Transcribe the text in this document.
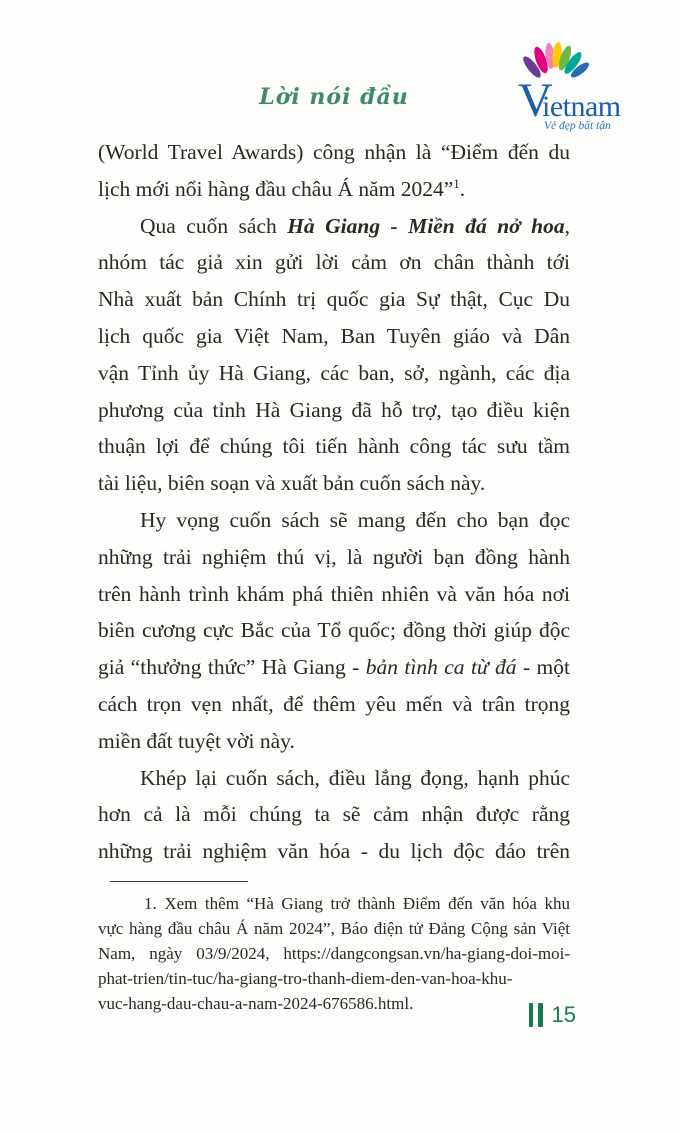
Lời nói đầu	V
ietnam
Vẻ đẹp bất tận
(World Travel Awards) công nhận là “Điểm đến du
lịch mới nổi hàng đầu châu Á năm 2024”$^1$.
Qua cuốn sách Hà Giang - Miền đá nở hoa,
nhóm tác giả xin gửi lời cảm ơn chân thành tới
Nhà xuất bản Chính trị quốc gia Sự thật, Cục Du
lịch quốc gia Việt Nam, Ban Tuyên giáo và Dân
vận Tỉnh ủy Hà Giang, các ban, sở, ngành, các địa
phương của tỉnh Hà Giang đã hỗ trợ, tạo điều kiện
thuận lợi để chúng tôi tiến hành công tác sưu tầm
tài liệu, biên soạn và xuất bản cuốn sách này.
Hy vọng cuốn sách sẽ mang đến cho bạn đọc
những trải nghiệm thú vị, là người bạn đồng hành
trên hành trình khám phá thiên nhiên và văn hóa nơi
biên cương cực Bắc của Tổ quốc; đồng thời giúp độc
giả “thưởng thức” Hà Giang - bản tình ca từ đá - một
cách trọn vẹn nhất, để thêm yêu mến và trân trọng
miền đất tuyệt vời này.
Khép lại cuốn sách, điều lắng đọng, hạnh phúc
hơn cả là mỗi chúng ta sẽ cảm nhận được rằng
những trải nghiệm văn hóa - du lịch độc đáo trên
1. Xem thêm “Hà Giang trở thành Điểm đến văn hóa khu
vực hàng đầu châu Á năm 2024”, Báo điện tử Đảng Cộng sản Việt
Nam, ngày 03/9/2024, https://dangcongsan.vn/ha-giang-doi-moi-
phat-trien/tin-tuc/ha-giang-tro-thanh-diem-den-van-hoa-khu-
vuc-hang-dau-chau-a-nam-2024-676586.html.	15
